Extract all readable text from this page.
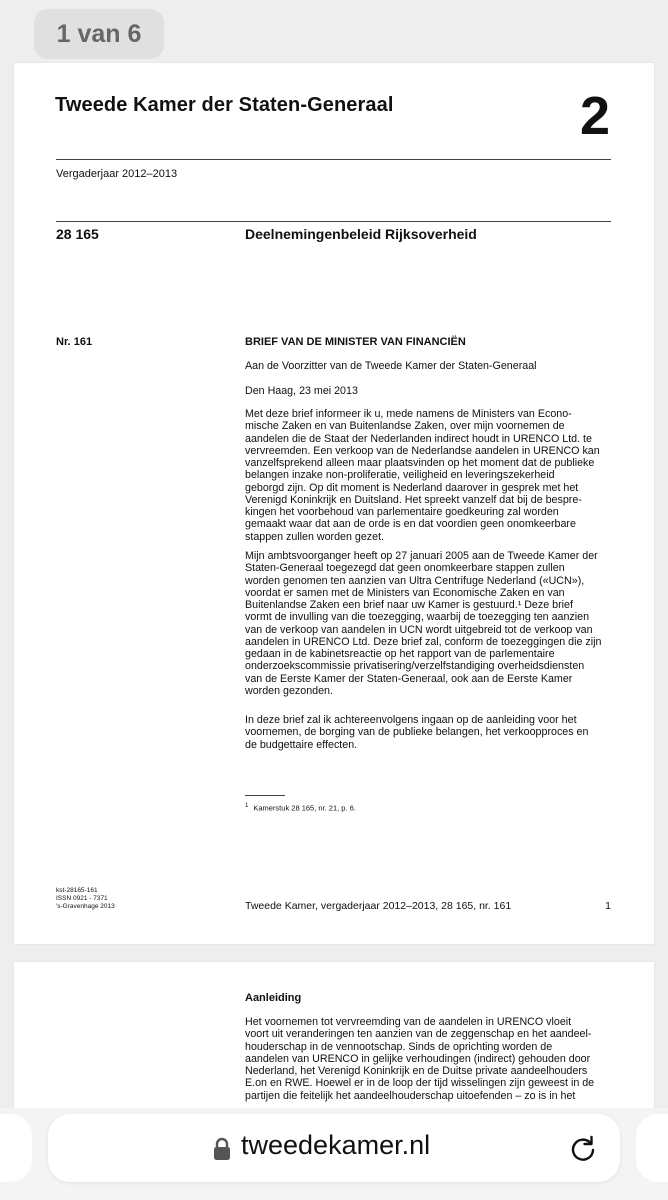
1 van 6
Tweede Kamer der Staten-Generaal	2
Vergaderjaar 2012–2013
28 165	Deelnemingenbeleid Rijksoverheid
Nr. 161	BRIEF VAN DE MINISTER VAN FINANCIËN
Aan de Voorzitter van de Tweede Kamer der Staten-Generaal
Den Haag, 23 mei 2013
Met deze brief informeer ik u, mede namens de Ministers van Econo-
mische Zaken en van Buitenlandse Zaken, over mijn voornemen de
aandelen die de Staat der Nederlanden indirect houdt in URENCO Ltd. te
vervreemden. Een verkoop van de Nederlandse aandelen in URENCO kan
vanzelfsprekend alleen maar plaatsvinden op het moment dat de publieke
belangen inzake non-proliferatie, veiligheid en leveringszekerheid
geborgd zijn. Op dit moment is Nederland daarover in gesprek met het
Verenigd Koninkrijk en Duitsland. Het spreekt vanzelf dat bij de bespre-
kingen het voorbehoud van parlementaire goedkeuring zal worden
gemaakt waar dat aan de orde is en dat voordien geen onomkeerbare
stappen zullen worden gezet.
Mijn ambtsvoorganger heeft op 27 januari 2005 aan de Tweede Kamer der
Staten-Generaal toegezegd dat geen onomkeerbare stappen zullen
worden genomen ten aanzien van Ultra Centrifuge Nederland («UCN»),
voordat er samen met de Ministers van Economische Zaken en van
Buitenlandse Zaken een brief naar uw Kamer is gestuurd.¹ Deze brief
vormt de invulling van die toezegging, waarbij de toezegging ten aanzien
van de verkoop van aandelen in UCN wordt uitgebreid tot de verkoop van
aandelen in URENCO Ltd. Deze brief zal, conform de toezeggingen die zijn
gedaan in de kabinetsreactie op het rapport van de parlementaire
onderzoekscommissie privatisering/verzelfstandiging overheidsdiensten
van de Eerste Kamer der Staten-Generaal, ook aan de Eerste Kamer
worden gezonden.
In deze brief zal ik achtereenvolgens ingaan op de aanleiding voor het
voornemen, de borging van de publieke belangen, het verkoopproces en
de budgettaire effecten.
$^1$ Kamerstuk 28 165, nr. 21, p. 6.
kst-28165-161
ISSN 0921 - 7371
's-Gravenhage 2013	Tweede Kamer, vergaderjaar 2012–2013, 28 165, nr. 161	1
Aanleiding
Het voornemen tot vervreemding van de aandelen in URENCO vloeit
voort uit veranderingen ten aanzien van de zeggenschap en het aandeel-
houderschap in de vennootschap. Sinds de oprichting worden de
aandelen van URENCO in gelijke verhoudingen (indirect) gehouden door
Nederland, het Verenigd Koninkrijk en de Duitse private aandeelhouders
E.on en RWE. Hoewel er in de loop der tijd wisselingen zijn geweest in de
partijen die feitelijk het aandeelhouderschap uitoefenden – zo is in het
tweedekamer.nl
